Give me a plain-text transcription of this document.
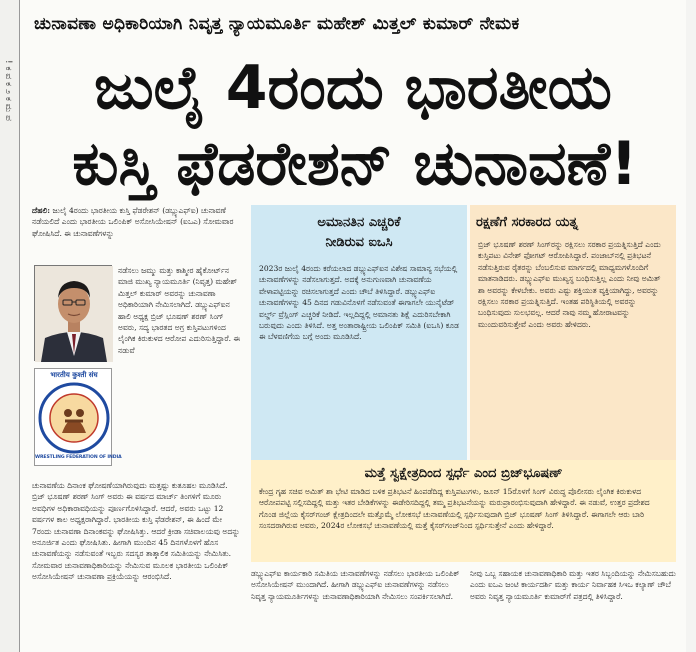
! ಕ ವ ಕ ೨ ಕ ಮ ಪ
ಚುನಾವಣಾ ಅಧಿಕಾರಿಯಾಗಿ ನಿವೃತ್ತ ನ್ಯಾಯಮೂರ್ತಿ ಮಹೇಶ್ ಮಿತ್ತಲ್ ಕುಮಾರ್ ನೇಮಕ
ಜುಲೈ 4ರಂದು ಭಾರತೀಯ
ಕುಸ್ತಿ ಫೆಡರೇಶನ್ ಚುನಾವಣೆ!
ದೆಹಲಿ: ಜುಲೈ 4ರಂದು ಭಾರತೀಯ ಕುಸ್ತಿ ಫೆಡರೇಶನ್ (ಡಬ್ಲ್ಯುಎಫ್ಐ) ಚುನಾವಣೆ ನಡೆಯಲಿದೆ ಎಂದು ಭಾರತೀಯ ಒಲಿಂಪಿಕ್ ಅಸೋಸಿಯೇಷನ್ (ಐಒಎ) ಸೋಮವಾರ ಘೋಷಿಸಿದೆ. ಈ ಚುನಾವಣೆಗಳನ್ನು
भारतीय कुश्ती संघ
WRESTLING FEDERATION OF INDIA
ನಡೆಸಲು ಜಮ್ಮು ಮತ್ತು ಕಾಶ್ಮೀರ ಹೈಕೋರ್ಟ್‌ನ ಮಾಜಿ ಮುಖ್ಯ ನ್ಯಾಯಮೂರ್ತಿ (ನಿವೃತ್ತ) ಮಹೇಶ್ ಮಿತ್ತಲ್ ಕುಮಾರ್ ಅವರನ್ನು ಚುನಾವಣಾ ಅಧಿಕಾರಿಯಾಗಿ ನೇಮಿಸಲಾಗಿದೆ. ಡಬ್ಲ್ಯುಎಫ್ಐನ ಹಾಲಿ ಅಧ್ಯಕ್ಷ ಬ್ರಿಜ್ ಭೂಷಣ್ ಶರಣ್ ಸಿಂಗ್ ಅವರು, ಸದ್ಯ ಭಾರತದ ಅಗ್ರ ಕುಸ್ತಿಪಟುಗಳಿಂದ ಲೈಂಗಿಕ ಕಿರುಕುಳದ ಆರೋಪ ಎದುರಿಸುತ್ತಿದ್ದಾರೆ. ಈ ನಡುವೆ
ಚುನಾವಣೆಯ ದಿನಾಂಕ ಘೋಷಣೆಯಾಗಿರುವುದು ಮತ್ತಷ್ಟು ಕುತೂಹಲ ಮೂಡಿಸಿದೆ. ಬ್ರಿಜ್ ಭೂಷಣ್ ಶರಣ್ ಸಿಂಗ್ ಅವರು ಈ ವರ್ಷದ ಮಾರ್ಚ್ ತಿಂಗಳಿಗೆ ಮೂರು ಅವಧಿಗಳ ಅಧಿಕಾರಾವಧಿಯನ್ನು ಪೂರ್ಣಗೊಳಿಸಿದ್ದಾರೆ. ಆದರೆ, ಅವರು ಒಟ್ಟು 12 ವರ್ಷಗಳ ಕಾಲ ಅಧ್ಯಕ್ಷರಾಗಿದ್ದಾರೆ. ಭಾರತೀಯ ಕುಸ್ತಿ ಫೆಡರೇಶನ್, ಈ ಹಿಂದೆ ಮೇ 7ರಂದು ಚುನಾವಣಾ ದಿನಾಂಕವನ್ನು ಘೋಷಿಸಿತ್ತು. ಆದರೆ ಕ್ರೀಡಾ ಸಚಿವಾಲಯವು ಅದನ್ನು ಅನೂರ್ಜಿತ ಎಂದು ಘೋಷಿಸಿತು. ಹೀಗಾಗಿ ಮುಂದಿನ 45 ದಿನಗಳೊಳಗೆ ಹೊಸ ಚುನಾವಣೆಯನ್ನು ನಡೆಸುವಂತೆ ಇಬ್ಬರು ಸದಸ್ಯರ ತಾತ್ಕಾಲಿಕ ಸಮಿತಿಯನ್ನು ನೇಮಿಸಿತು. ಸೋಮವಾರ ಚುನಾವಣಾಧಿಕಾರಿಯನ್ನು ನೇಮಿಸುವ ಮೂಲಕ ಭಾರತೀಯ ಒಲಿಂಪಿಕ್ ಅಸೋಸಿಯೇಷನ್ ಚುನಾವಣಾ ಪ್ರಕ್ರಿಯೆಯನ್ನು ಆರಂಭಿಸಿದೆ.
ಅಮಾನತಿನ ಎಚ್ಚರಿಕೆ
ನೀಡಿರುವ ಐಒಸಿ
2023ರ ಜುಲೈ 4ರಂದು ಕರೆಯಲಾದ ಡಬ್ಲ್ಯುಎಫ್ಐನ ವಿಶೇಷ ಸಾಮಾನ್ಯ ಸಭೆಯಲ್ಲಿ ಚುನಾವಣೆಗಳನ್ನು ನಡೆಸಲಾಗುತ್ತದೆ. ಅದಕ್ಕೆ ಅನುಗುಣವಾಗಿ ಚುನಾವಣೆಯ ವೇಳಾಪಟ್ಟಿಯನ್ನು ರಚಿಸಲಾಗುತ್ತದೆ ಎಂದು ಚೌಬೆ ತಿಳಿಸಿದ್ದಾರೆ. ಡಬ್ಲ್ಯುಎಫ್ಐ ಚುನಾವಣೆಗಳನ್ನು 45 ದಿನದ ಗಡುವಿನೊಳಗೆ ನಡೆಸುವಂತೆ ಈಗಾಗಲೇ ಯುನೈಟೆಡ್ ವರ್ಲ್ಡ್ ವ್ರೆಸ್ಲಿಂಗ್ ಎಚ್ಚರಿಕೆ ನೀಡಿದೆ. ಇಲ್ಲದಿದ್ದಲ್ಲಿ ಅಮಾನತು ಶಿಕ್ಷೆ ಎದುರಿಸಬೇಕಾಗಿ ಬರುವುದು ಎಂದು ತಿಳಿಸಿದೆ. ಅತ್ತ ಅಂತಾರಾಷ್ಟ್ರೀಯ ಒಲಿಂಪಿಕ್ ಸಮಿತಿ (ಐಒಸಿ) ಕೂಡ ಈ ಬೆಳವಣಿಗೆಯ ಬಗ್ಗೆ ಅಂದು ಮೂಡಿಸಿದೆ.
ರಕ್ಷಣೆಗೆ ಸರಕಾರದ ಯತ್ನ
ಬ್ರಿಜ್ ಭೂಷಣ್ ಶರಣ್ ಸಿಂಗ್‌ರನ್ನು ರಕ್ಷಿಸಲು ಸರಕಾರ ಪ್ರಯತ್ನಿಸುತ್ತಿದೆ ಎಂದು ಕುಸ್ತಿಪಟು ವಿನೇಶ್ ಫೋಗಟ್ ಆರೋಪಿಸಿದ್ದಾರೆ. ಪಂಜಾಬ್‌ನಲ್ಲಿ ಪ್ರತಿಭಟನೆ ನಡೆಸುತ್ತಿರುವ ರೈತರನ್ನು ಬೆಂಬಲಿಸುವ ಮಾರ್ಗದಲ್ಲಿ ಮಾಧ್ಯಮಗಳೊಂದಿಗೆ ಮಾತನಾಡಿದರು. ಡಬ್ಲ್ಯುಎಫ್ಐ ಮುಖ್ಯಸ್ಥ ಬಂಧಿಸುತ್ತಿಲ್ಲ ಎಂದು ನೀವು ಅಮಿತ್ ಶಾ ಅವರನ್ನು ಕೇಳಬೇಕು. ಅವರು ಎಷ್ಟು ಶಕ್ತಿಯುತ ವ್ಯಕ್ತಿಯಾಗಿದ್ದು, ಅವರನ್ನು ರಕ್ಷಿಸಲು ಸರಕಾರ ಪ್ರಯತ್ನಿಸುತ್ತಿದೆ. ಇಂತಹ ಪರಿಸ್ಥಿತಿಯಲ್ಲಿ ಅವರನ್ನು ಬಂಧಿಸುವುದು ಸುಲಭವಲ್ಲ. ಆದರೆ ನಾವು ನಮ್ಮ ಹೋರಾಟವನ್ನು ಮುಂದುವರಿಸುತ್ತೇವೆ ಎಂದು ಅವರು ಹೇಳಿದರು.
ಮತ್ತೆ ಸ್ವಕ್ಷೇತ್ರದಿಂದ ಸ್ಪರ್ಧೆ ಎಂದ ಬ್ರಿಜ್‌ಭೂಷಣ್
ಕೇಂದ್ರ ಗೃಹ ಸಚಿವ ಅಮಿತ್ ಶಾ ಭೇಟಿ ಮಾಡಿದ ಬಳಿಕ ಪ್ರತಿಭಟನೆ ಹಿಂಪಡೆದಿದ್ದ ಕುಸ್ತಿಪಟುಗಳು, ಜೂನ್ 15ರೊಳಗೆ ಸಿಂಗ್ ವಿರುದ್ಧ ಪೊಲೀಸರು ಲೈಂಗಿಕ ಕಿರುಕುಳದ ಆರೋಪಪಟ್ಟಿ ಸಲ್ಲಿಸದಿದ್ದಲ್ಲಿ ಮತ್ತು ಇತರ ಬೇಡಿಕೆಗಳನ್ನು ಈಡೇರಿಸದಿದ್ದಲ್ಲಿ ತಮ್ಮ ಪ್ರತಿಭಟನೆಯನ್ನು ಮರುಪ್ರಾರಂಭಿಸುವುದಾಗಿ ಹೇಳಿದ್ದಾರೆ. ಈ ನಡುವೆ, ಉತ್ತರ ಪ್ರದೇಶದ ಗೊಂಡ ಜಿಲ್ಲೆಯ ಕೈಸರ್‌ಗಂಜ್ ಕ್ಷೇತ್ರದಿಂದಲೇ ಮತ್ತೊಮ್ಮೆ ಲೋಕಸಭೆ ಚುನಾವಣೆಯಲ್ಲಿ ಸ್ಪರ್ಧಿಸುವುದಾಗಿ ಬ್ರಿಜ್ ಭೂಷಣ್ ಸಿಂಗ್ ತಿಳಿಸಿದ್ದಾರೆ. ಈಗಾಗಲೇ ಆರು ಬಾರಿ ಸಂಸದರಾಗಿರುವ ಅವರು, 2024ರ ಲೋಕಸಭೆ ಚುನಾವಣೆಯಲ್ಲಿ ಮತ್ತೆ ಕೈಸರ್‌ಗಂಜ್‌ನಿಂದ ಸ್ಪರ್ಧಿಸುತ್ತೇನೆ ಎಂದು ಹೇಳಿದ್ದಾರೆ.
ಡಬ್ಲ್ಯುಎಫ್ಐ ಕಾರ್ಯಕಾರಿ ಸಮಿತಿಯ ಚುನಾವಣೆಗಳನ್ನು ನಡೆಸಲು ಭಾರತೀಯ ಒಲಿಂಪಿಕ್ ಅಸೋಸಿಯೇಷನ್ ಮುಂದಾಗಿದೆ. ಹೀಗಾಗಿ ಡಬ್ಲ್ಯುಎಫ್ಐ ಚುನಾವಣೆಗಳನ್ನು ನಡೆಸಲು ನಿವೃತ್ತ ನ್ಯಾಯಮೂರ್ತಿಗಳನ್ನು ಚುನಾವಣಾಧಿಕಾರಿಯಾಗಿ ನೇಮಿಸಲು ಸಂಪರ್ಕಿಸಲಾಗಿದೆ.
ನೀವು ಒಬ್ಬ ಸಹಾಯಕ ಚುನಾವಣಾಧಿಕಾರಿ ಮತ್ತು ಇತರ ಸಿಬ್ಬಂದಿಯನ್ನು ನೇಮಿಸಬಹುದು ಎಂದು ಐಒಎ ಜಂಟಿ ಕಾರ್ಯದರ್ಶಿ ಮತ್ತು ಕಾರ್ಯ ನಿರ್ವಾಹಕ ಸಿಇಒ ಕಲ್ಯಾಣ್ ಚೌಬೆ ಅವರು ನಿವೃತ್ತ ನ್ಯಾಯಮೂರ್ತಿ ಕುಮಾರ್‌ಗೆ ಪತ್ರದಲ್ಲಿ ತಿಳಿಸಿದ್ದಾರೆ.
